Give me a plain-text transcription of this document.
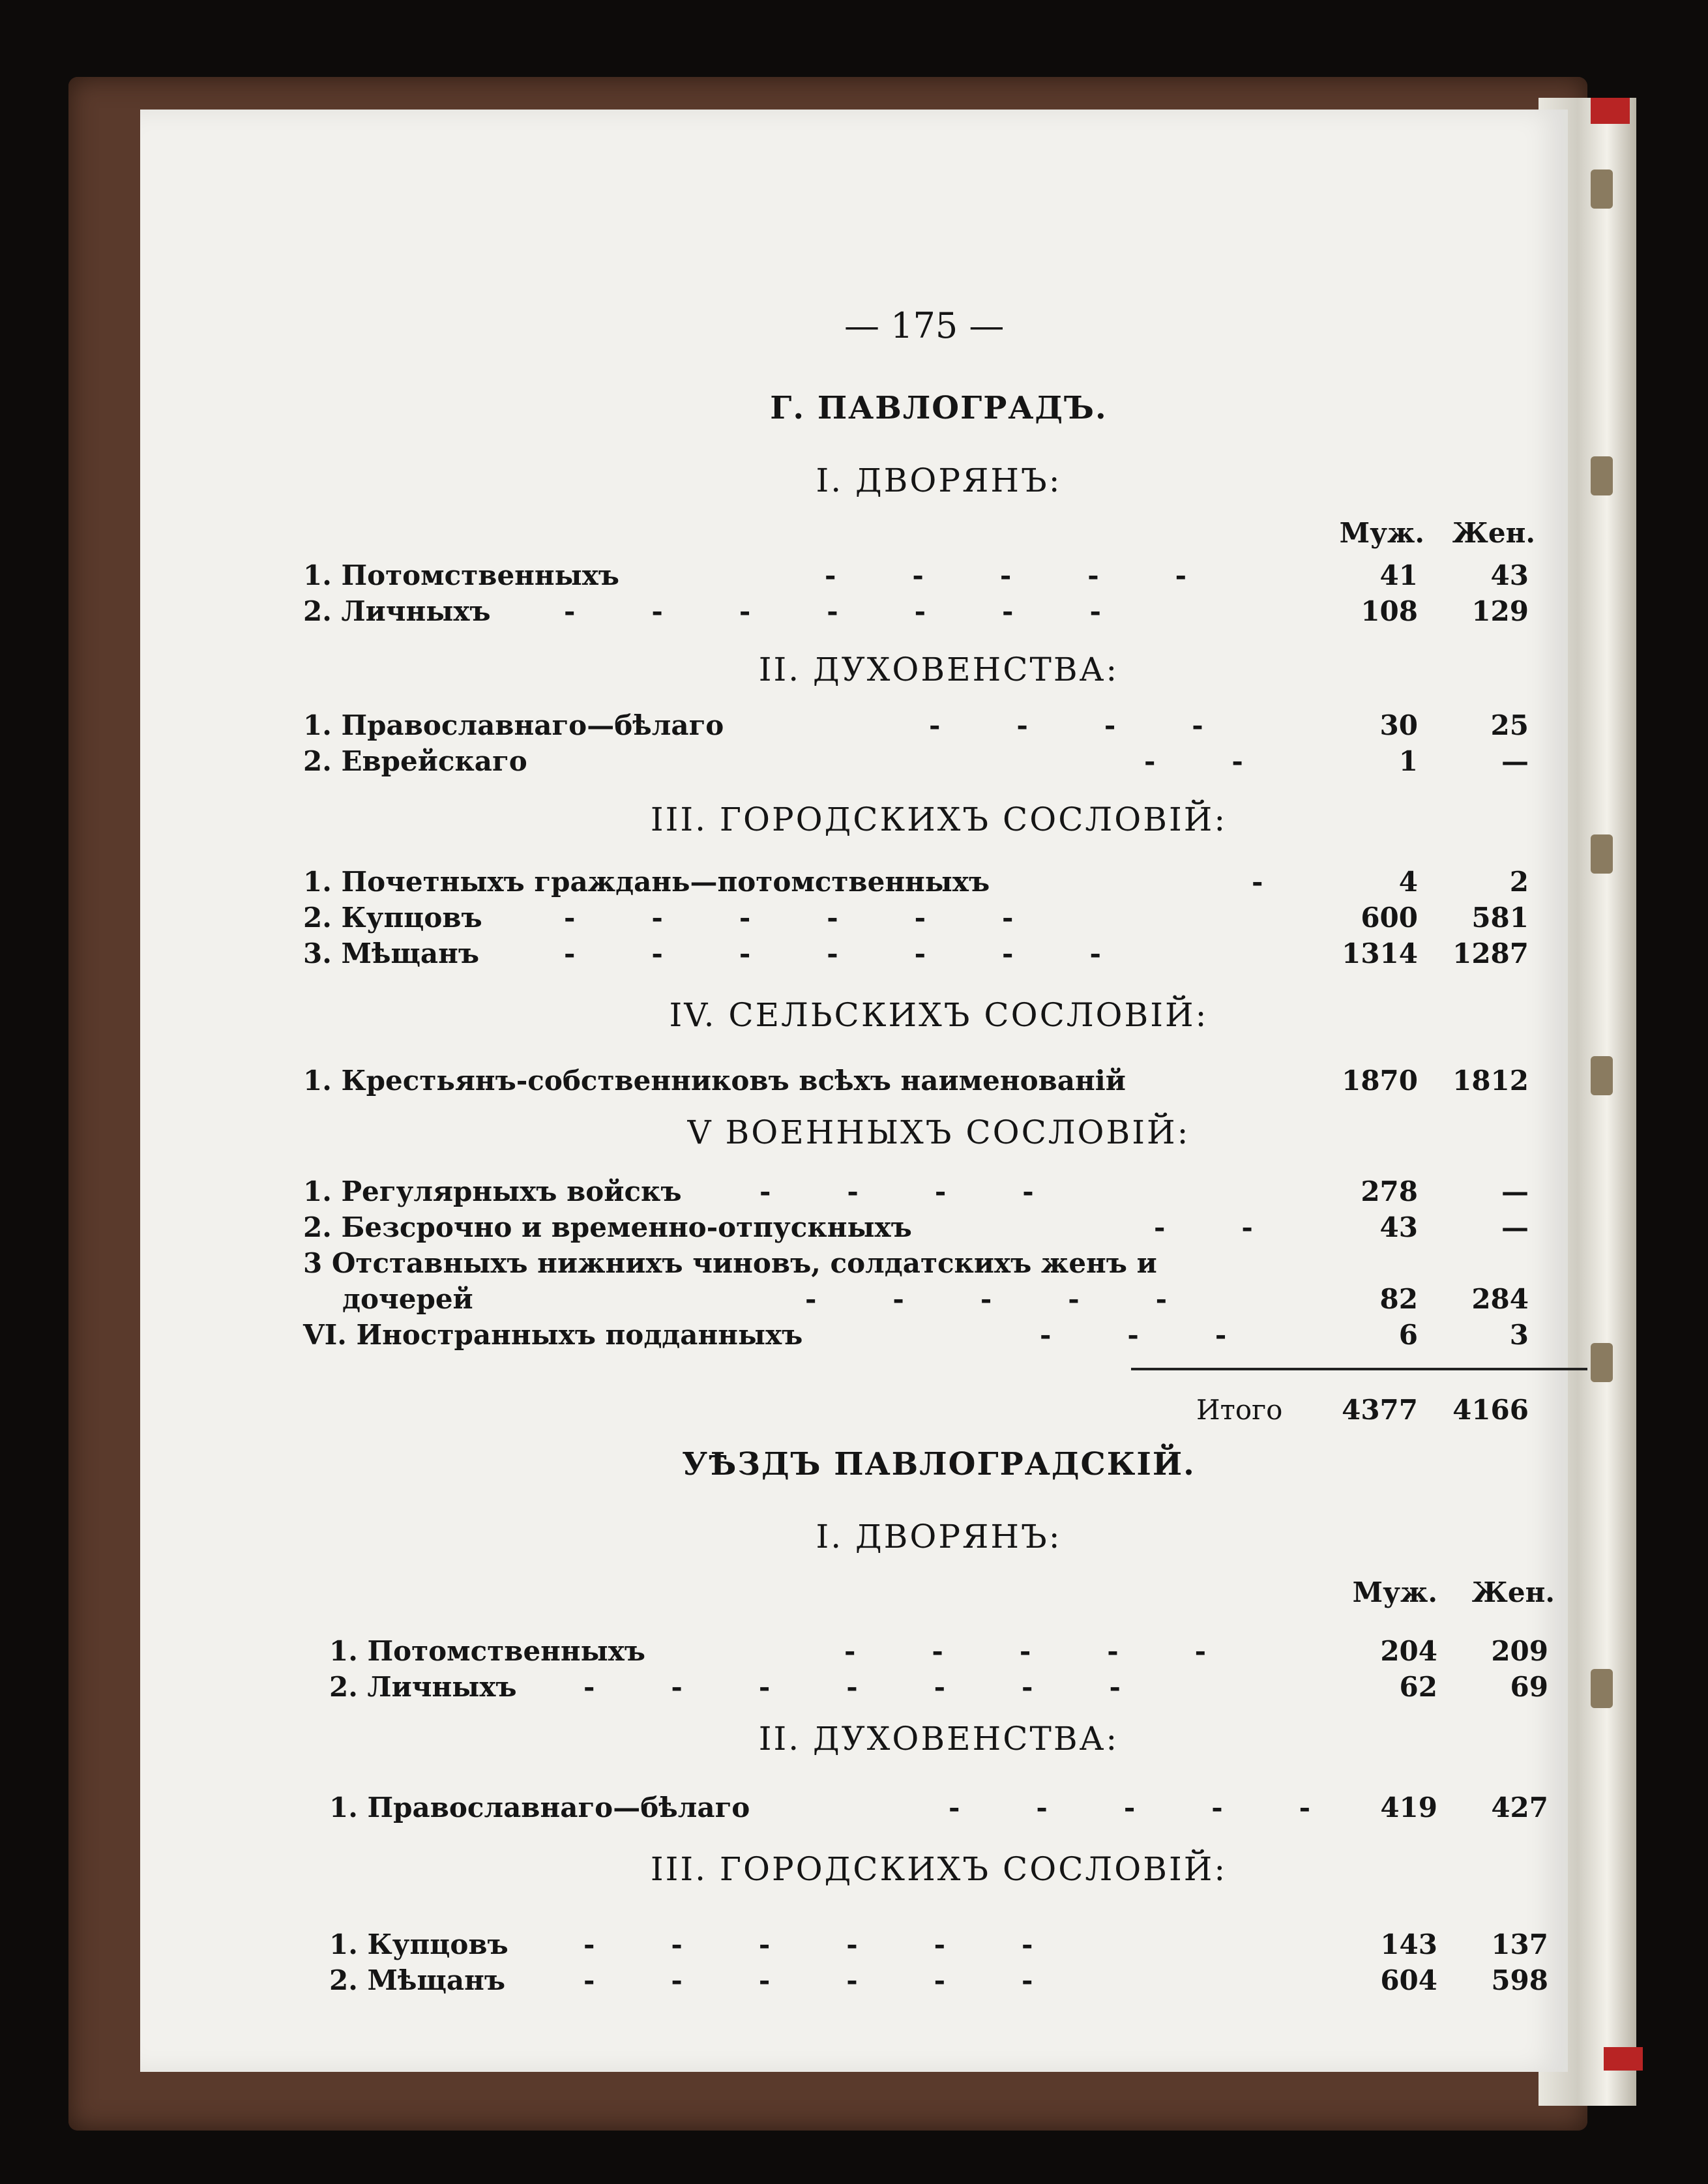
— 175 —
Г. ПАВЛОГРАДЪ.
I. ДВОРЯНЪ:
Муж. Жен.
1. Потомственныхъ	-        -        -        -        -	41	43
2. Личныхъ	-        -        -        -        -        -        -	108 129
II. ДУХОВЕНСТВА:
1. Православнаго—бѣлаго	-        -        -        -	30	25
2. Еврейскаго	-        -	1	—
III. ГОРОДСКИХЪ СОСЛОВІЙ:
1. Почетныхъ граждань—потомственныхъ	-	4	2
2. Купцовъ	-        -        -        -        -        -	600 581
3. Мѣщанъ	-        -        -        -        -        -        -	1314 1287
IV. СЕЛЬСКИХЪ СОСЛОВІЙ:
1. Крестьянъ-собственниковъ всѣхъ наименованій	1870 1812
V ВОЕННЫХЪ СОСЛОВІЙ:
1. Регулярныхъ войскъ	-        -        -        -	278	—
2. Безсрочно и временно-отпускныхъ	-        -	43	—
3 Отставныхъ нижнихъ чиновъ, солдатскихъ женъ и
дочерей	-        -        -        -        -	82 284
VI. Иностранныхъ подданныхъ	-        -        -	6	3
Итого 4377 4166
УѢЗДЪ ПАВЛОГРАДСКІЙ.
I. ДВОРЯНЪ:
Муж. Жен.
1. Потомственныхъ	-        -        -        -        -	204 209
2. Личныхъ -        -        -        -        -        -        -	62	69
II. ДУХОВЕНСТВА:
1. Православнаго—бѣлаго	-        -        -        -        -	419 427
III. ГОРОДСКИХЪ СОСЛОВІЙ:
1. Купцовъ	-        -        -        -        -        -	143 137
2. Мѣщанъ	-        -        -        -        -        -	604 598
